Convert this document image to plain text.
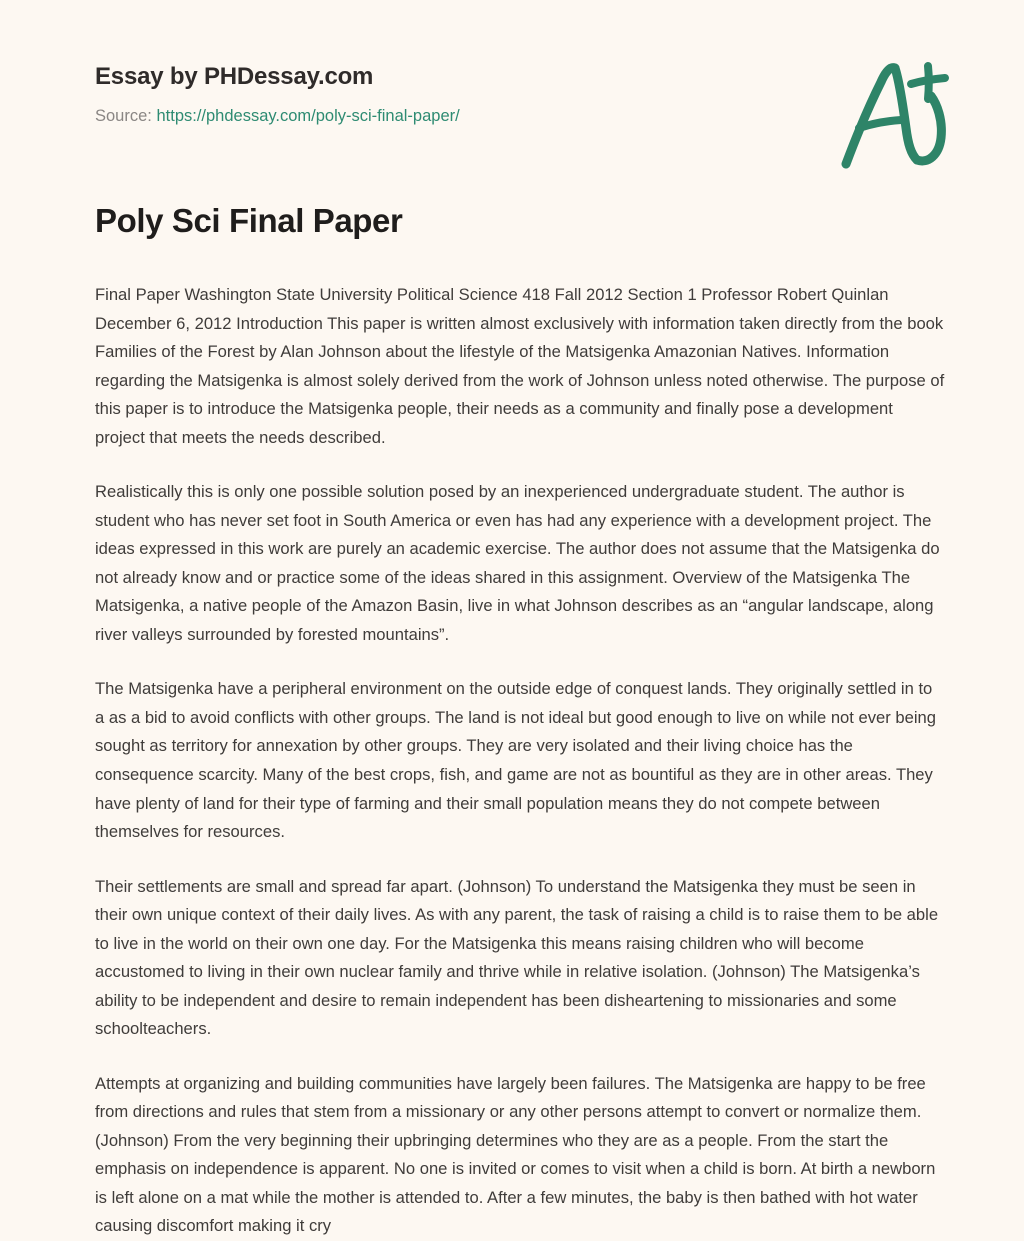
Essay by PHDessay.com
Source: https://phdessay.com/poly-sci-final-paper/
Poly Sci Final Paper

Final Paper Washington State University Political Science 418 Fall 2012 Section 1 Professor Robert Quinlan December 6, 2012 Introduction This paper is written almost exclusively with information taken directly from the book Families of the Forest by Alan Johnson about the lifestyle of the Matsigenka Amazonian Natives. Information regarding the Matsigenka is almost solely derived from the work of Johnson unless noted otherwise. The purpose of this paper is to introduce the Matsigenka people, their needs as a community and finally pose a development project that meets the needs described.

Realistically this is only one possible solution posed by an inexperienced undergraduate student. The author is student who has never set foot in South America or even has had any experience with a development project. The ideas expressed in this work are purely an academic exercise. The author does not assume that the Matsigenka do not already know and or practice some of the ideas shared in this assignment. Overview of the Matsigenka The Matsigenka, a native people of the Amazon Basin, live in what Johnson describes as an “angular landscape, along river valleys surrounded by forested mountains”.

The Matsigenka have a peripheral environment on the outside edge of conquest lands. They originally settled in to a as a bid to avoid conflicts with other groups. The land is not ideal but good enough to live on while not ever being sought as territory for annexation by other groups. They are very isolated and their living choice has the consequence scarcity. Many of the best crops, fish, and game are not as bountiful as they are in other areas. They have plenty of land for their type of farming and their small population means they do not compete between themselves for resources.

Their settlements are small and spread far apart. (Johnson) To understand the Matsigenka they must be seen in their own unique context of their daily lives. As with any parent, the task of raising a child is to raise them to be able to live in the world on their own one day. For the Matsigenka this means raising children who will become accustomed to living in their own nuclear family and thrive while in relative isolation. (Johnson) The Matsigenka’s ability to be independent and desire to remain independent has been disheartening to missionaries and some schoolteachers.

Attempts at organizing and building communities have largely been failures. The Matsigenka are happy to be free from directions and rules that stem from a missionary or any other persons attempt to convert or normalize them. (Johnson) From the very beginning their upbringing determines who they are as a people. From the start the emphasis on independence is apparent. No one is invited or comes to visit when a child is born. At birth a newborn is left alone on a mat while the mother is attended to. After a few minutes, the baby is then bathed with hot water causing discomfort making it cry
